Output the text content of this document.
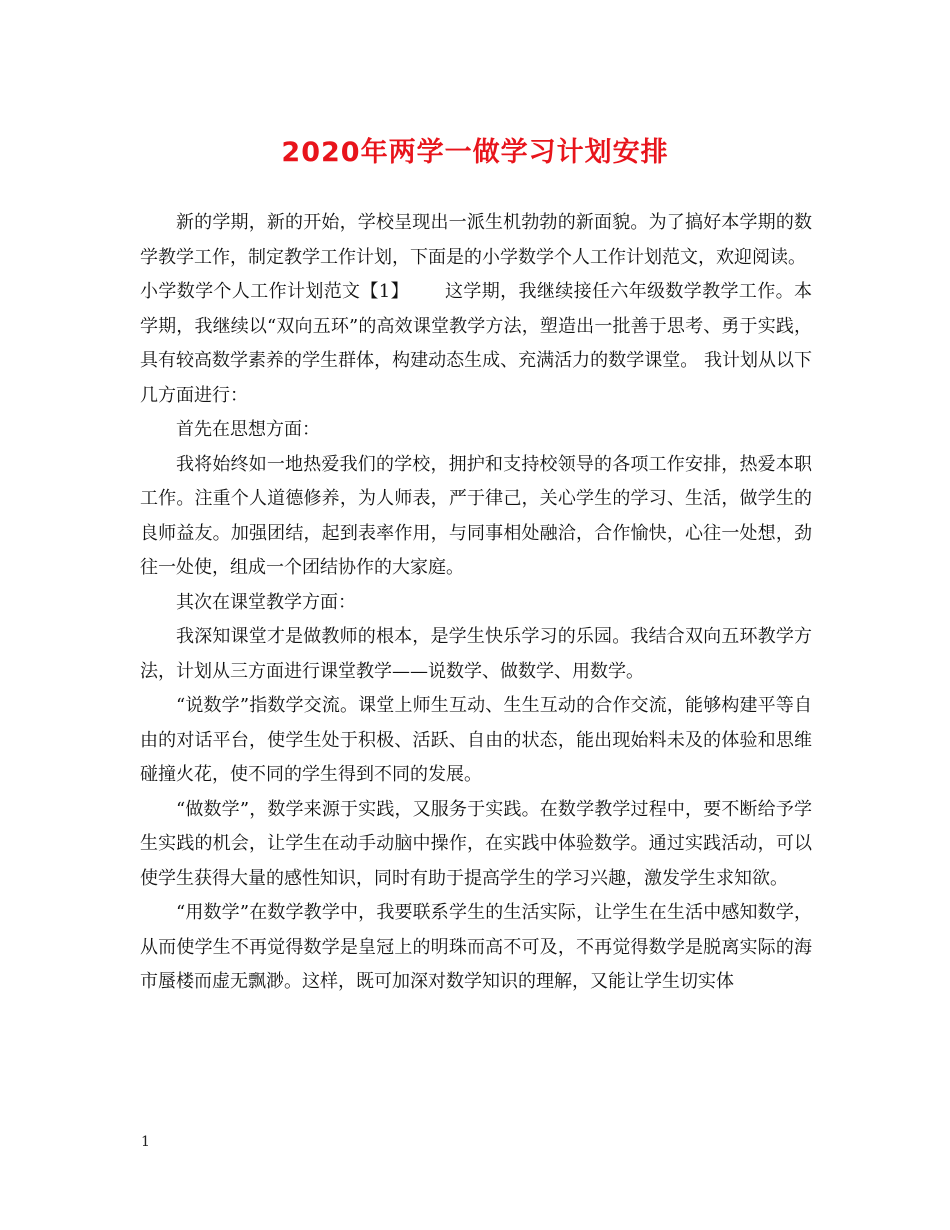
2020年两学一做学习计划安排

新的学期，新的开始，学校呈现出一派生机勃勃的新面貌。为了搞好本学期的数学教学工作，制定教学工作计划，下面是的小学数学个人工作计划范文，欢迎阅读。

小学数学个人工作计划范文【1】 这学期，我继续接任六年级数学教学工作。本学期，我继续以“双向五环”的高效课堂教学方法，塑造出一批善于思考、勇于实践，具有较高数学素养的学生群体，构建动态生成、充满活力的数学课堂。 我计划从以下几方面进行：

首先在思想方面：

我将始终如一地热爱我们的学校，拥护和支持校领导的各项工作安排，热爱本职工作。注重个人道德修养，为人师表，严于律己，关心学生的学习、生活，做学生的良师益友。加强团结，起到表率作用，与同事相处融洽，合作愉快，心往一处想，劲往一处使，组成一个团结协作的大家庭。

其次在课堂教学方面：

我深知课堂才是做教师的根本，是学生快乐学习的乐园。我结合双向五环教学方法，计划从三方面进行课堂教学——说数学、做数学、用数学。

“说数学”指数学交流。课堂上师生互动、生生互动的合作交流，能够构建平等自由的对话平台，使学生处于积极、活跃、自由的状态，能出现始料未及的体验和思维碰撞火花，使不同的学生得到不同的发展。

“做数学”，数学来源于实践，又服务于实践。在数学教学过程中，要不断给予学生实践的机会，让学生在动手动脑中操作，在实践中体验数学。通过实践活动，可以使学生获得大量的感性知识，同时有助于提高学生的学习兴趣，激发学生求知欲。

“用数学”在数学教学中，我要联系学生的生活实际，让学生在生活中感知数学，从而使学生不再觉得数学是皇冠上的明珠而高不可及，不再觉得数学是脱离实际的海市蜃楼而虚无飘渺。这样，既可加深对数学知识的理解，又能让学生切实体

1
